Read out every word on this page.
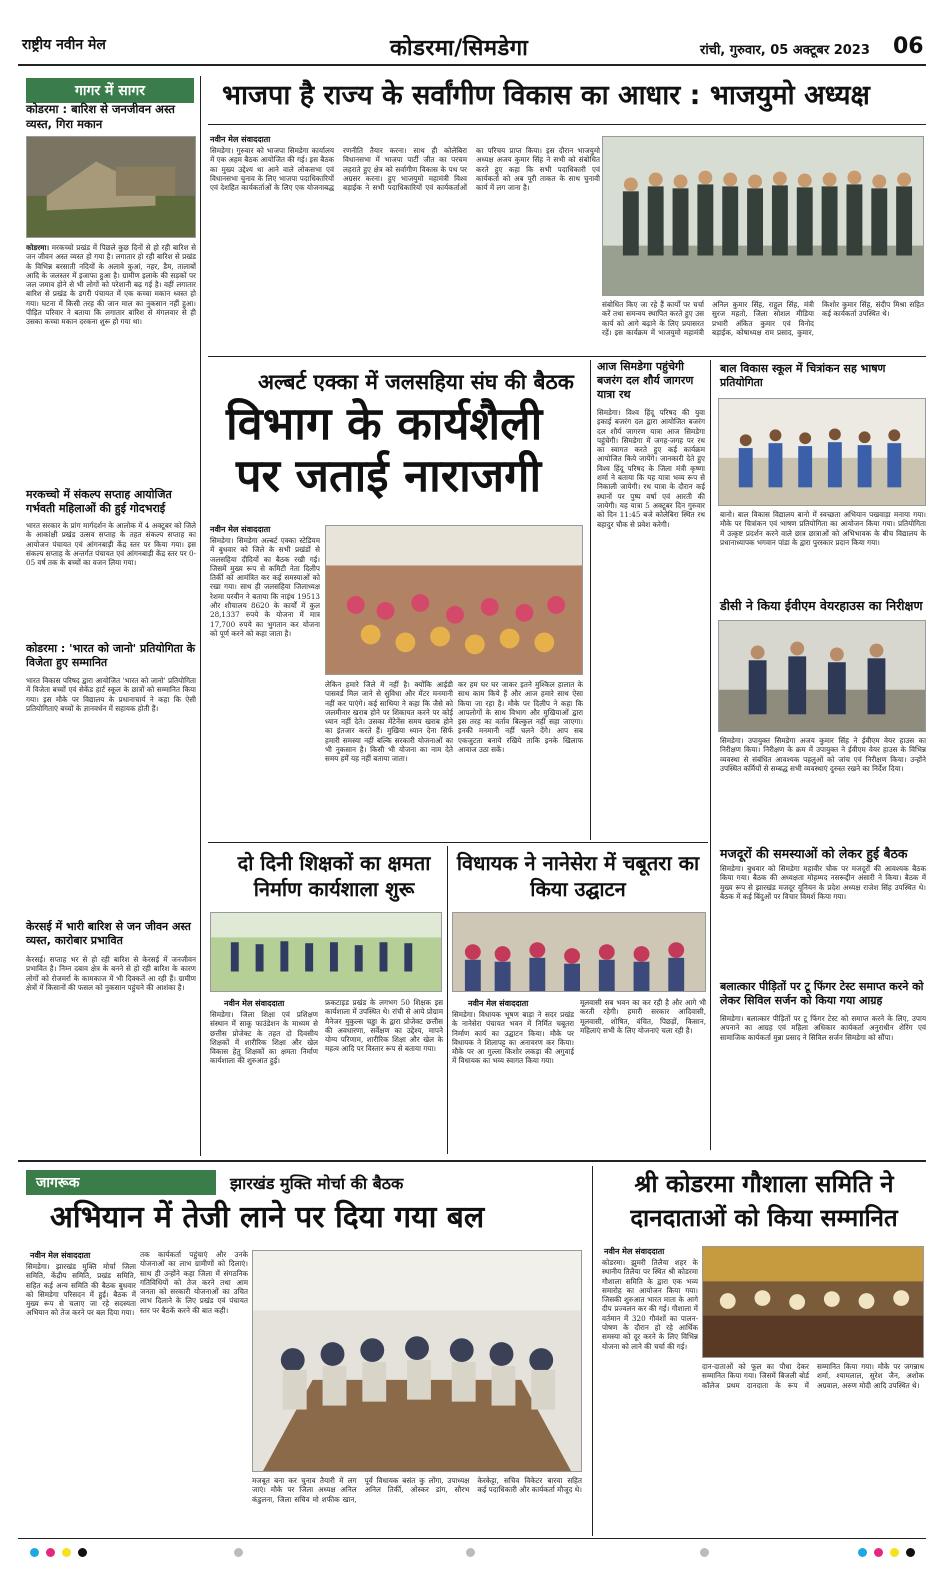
राष्ट्रीय नवीन मेल	कोडरमा/सिमडेगा	रांची, गुरुवार, 05 अक्टूबर 2023 06
गागर में सागर
कोडरमा : बारिश से जनजीवन अस्त व्यस्त, गिरा मकान
कोडरमा। मरकच्चो प्रखंड में पिछले कुछ दिनों से हो रही बारिश से जन जीवन अस्त व्यस्त हो गया है। लगातार हो रही बारिश से प्रखंड के विभिन्न बरसाती नदियों के अलावे कुआं, नहर, डैम, तालाबों आदि के जलस्तर में इजाफा हुआ है। ग्रामीण इलाके की सड़कों पर जल जमाव होने से भी लोगों को परेशानी बढ़ गई है। वहीं लगातार बारिश से प्रखंड के डगरी पंचायत में एक कच्चा मकान ध्वस्त हो गया। घटना में किसी तरह की जान माल का नुकसान नहीं हुआ। पीड़ित परिवार ने बताया कि लगातार बारिश से मंगलवार से ही उसका कच्चा मकान दरकना शुरू हो गया था।
मरकच्चो में संकल्प सप्ताह आयोजित गर्भवती महिलाओं की हुई गोदभराई
भारत सरकार के प्रांग मार्गदर्शन के आलोक में 4 अक्टूबर को जिले के आकांक्षी प्रखंड उत्सव सप्ताह के तहत संकल्प सप्ताह का आयोजन पंचायत एवं आंगनबाड़ी केंद्र स्तर पर किया गया। इस संकल्प सप्ताह के अन्तर्गत पंचायत एवं आंगनबाड़ी केंद्र स्तर पर 0-05 वर्ष तक के बच्चों का वजन लिया गया।
कोडरमा : 'भारत को जानो' प्रतियोगिता के विजेता हुए सम्मानित
भारत विकास परिषद द्वारा आयोजित 'भारत को जानो' प्रतियोगिता में विजेता बच्चों एवं सेकेंड हार्ट स्कूल के छात्रों को सम्मानित किया गया। इस मौके पर विद्यालय के प्रधानाचार्य ने कहा कि ऐसी प्रतियोगिताएं बच्चों के ज्ञानवर्धन में सहायक होती हैं।
केरसई में भारी बारिश से जन जीवन अस्त व्यस्त, कारोबार प्रभावित
केरसई। सप्ताह भर से हो रही बारिश से केरसई में जनजीवन प्रभावित है। निम्न दबाव क्षेत्र के बनने से हो रही बारिश के कारण लोगों को रोजमर्रा के कामकाज में भी दिक्कतें आ रही हैं। ग्रामीण क्षेत्रों में किसानों की फसल को नुकसान पहुंचने की आशंका है।
भाजपा है राज्य के सर्वांगीण विकास का आधार : भाजयुमो अध्यक्ष
नवीन मेल संवाददाता
सिमडेगा। गुरुवार को भाजपा सिमडेगा कार्यालय में एक अहम बैठक आयोजित की गई। इस बैठक का मुख्य उद्देश्य था आने वाले लोकसभा एवं विधानसभा चुनाव के लिए भाजपा पदाधिकारियों एवं देशहित कार्यकर्ताओं के लिए एक योजनाबद्ध रणनीति तैयार करना। साथ ही कोलेबिरा विधानसभा में भाजपा पार्टी जीत का परचम लहराते हुए क्षेत्र को सर्वागीण विकास के पथ पर अग्रसर करना। हुए भाजयुमो महामंत्री विश्व बड़ाईक ने सभी पदाधिकारियों एवं कार्यकर्ताओं का परिचय प्राप्त किया। इस दौरान भाजयुमो अध्यक्ष अजय कुमार सिंह ने सभी को संबोधित करते हुए कहा कि सभी पदाधिकारी एवं कार्यकर्ता को अब पूरी ताकत के साथ चुनावी कार्य में लग जाना है।
संबोधित किए जा रहे हैं कार्यों पर चर्चा करें तथा समन्वय स्थापित करते हुए उस कार्य को आगे बढ़ाने के लिए प्रयासरत रहें। इस कार्यक्रम में भाजयुमो महामंत्री अनिल कुमार सिंह, राहुल सिंह, मंत्री सुरज महतो, जिला सोशल मीडिया प्रभारी अंकित कुमार एवं विनोद बड़ाईक, कोषाध्यक्ष राम प्रसाद, कुमार, किशोर कुमार सिंह, संदीप मिश्रा सहित कई कार्यकर्ता उपस्थित थे।
अल्बर्ट एक्का में जलसहिया संघ की बैठक
विभाग के कार्यशैली
पर जताई नाराजगी
नवीन मेल संवाददाता
सिमडेगा। सिमडेगा अल्बर्ट एक्का स्टेडियम में बुधवार को जिले के सभी प्रखंडों से जलसहिया दीदियों का बैठक रखी गई। जिसमें मुख्य रूप से कमिटी नेता दिलीप तिर्की को आमंत्रित कर कई समस्याओं को रखा गया। साथ ही जलसहिया जिलाध्यक्ष रेशमा परवीन ने बताया कि नाइंथ 19513 और शौचालय 8620 के कार्यों में कुल 28,1337 रुपये के योजना में मात्र 17,700 रुपये का भुगतान कर योजना को पूर्ण करने को कहा जाता है।
लेकिन हमारे जिले में नहीं है। क्योंकि आईडी पासवर्ड मिल जाने से सुविधा और मेंटर मनमानी नहीं कर पाएंगे। कई साथिया ने कहा कि जैसे को जलमीनार खराब होने पर शिकायत करने पर कोई ध्यान नहीं देते। उसका मेंटेनेंस समय खराब होने का इंतजार करते हैं। मुखिया ध्यान देना सिर्फ हमारी समस्या नहीं बल्कि सरकारी योजनाओं का भी नुकसान है। किसी भी योजना का नाम देते समय हमें यह नहीं बताया जाता।
कर हम घर घर जाकर इतने मुश्किल हालात के साथ काम किये हैं और आज हमारे साथ ऐसा किया जा रहा है। मौके पर दिलीप ने कहा कि आपलोगों के साथ विभाग और मुखियाओं द्वारा इस तरह का वर्ताव बिल्कुल नहीं सहा जाएगा। इनकी मनमानी नहीं चलने देंगे। आप सब एकजुटता बनाये रखिये ताकि इनके खिलाफ आवाज उठा सकें।
आज सिमडेगा पहुंचेगी बजरंग दल शौर्य जागरण यात्रा रथ
सिमडेगा। विश्व हिंदू परिषद की युवा इकाई बजरंग दल द्वारा आयोजित बजरंग दल शौर्य जागरण यात्रा आज सिमडेगा पहुंचेगी। सिमडेगा में जगह-जगह पर रथ का स्वागत करते हुए कई कार्यक्रम आयोजित किये जायेंगे। जानकारी देते हुए विश्व हिंदू परिषद के जिला मंत्री कृष्णा शर्मा ने बताया कि यह यात्रा भव्य रूप से निकाली जायेगी। रथ यात्रा के दौरान कई स्थानों पर पुष्प वर्षा एवं आरती की जायेगी। यह यात्रा 5 अक्टूबर दिन गुरुवार को दिन 11:45 बजे कोलेबिरा स्थित रथ बहादुर चौक से प्रवेश करेगी।
बाल विकास स्कूल में चित्रांकन सह भाषण प्रतियोगिता
बानो। बाल विकास विद्यालय बानो में स्वच्छता अभियान पखवाड़ा मनाया गया। मौके पर चित्रांकन एवं भाषण प्रतियोगिता का आयोजन किया गया। प्रतियोगिता में उत्कृष्ट प्रदर्शन करने वाले छात्र छात्राओं को अभिभावक के बीच विद्यालय के प्रधानाध्यापक भगवान पांडा के द्वारा पुरस्कार प्रदान किया गया।
डीसी ने किया ईवीएम वेयरहाउस का निरीक्षण
सिमडेगा। उपायुक्त सिमडेगा अजय कुमार सिंह ने ईवीएम वेयर हाउस का निरीक्षण किया। निरीक्षण के क्रम में उपायुक्त ने ईवीएम वेयर हाउस के विभिन्न व्यवस्था से संबंधित आवश्यक पहलुओं को जांच एवं निरीक्षण किया। उन्होंने उपस्थित कर्मियों से सम्बद्ध सभी व्यवस्थाएं दुरुस्त रखने का निर्देश दिया।
मजदूरों की समस्याओं को लेकर हुई बैठक
सिमडेगा। बुधवार को सिमडेगा महावीर चौक पर मजदूरों की आवश्यक बैठक किया गया। बैठक की अध्यक्षता मोहम्मद नसरूद्दीन अंसारी ने किया। बैठक में मुख्य रूप से झारखंड मजदूर यूनियन के प्रदेश अध्यक्ष राजेश सिंह उपस्थित थे। बैठक में कई बिंदुओं पर विचार विमर्श किया गया।
बलात्कार पीड़ितों पर टू फिंगर टेस्ट समाप्त करने को लेकर सिविल सर्जन को किया गया आग्रह
सिमडेगा। बलात्कार पीड़ितों पर टू फिंगर टेस्ट को समाप्त करने के लिए, उपाय अपनाने का आग्रह एवं महिला अधिकार कार्यकर्ता अनुराधीन शेरिंग एवं सामाजिक कार्यकर्ता मुन्ना प्रसाद ने सिविल सर्जन सिमडेगा को सौंपा।
दो दिनी शिक्षकों का क्षमता निर्माण कार्यशाला शुरू
नवीन मेल संवाददाता
सिमडेगा। जिला शिक्षा एवं प्रशिक्षण संस्थान में साकू फाउंडेशन के माध्यम से छत्तीस प्रोजेक्ट के तहत दो दिवसीय शिक्षकों में शारीरिक शिक्षा और खेल विकास हेतु शिक्षकों का क्षमता निर्माण कार्यशाला की शुरुआत हुई।
फ्रकटाइड प्रखंड के लगभग 50 शिक्षक इस कार्यशाला में उपस्थित थे। रांची से आये प्रोग्राम मैनेजर मुकुल्स चड्ढा के द्वारा प्रोजेक्ट छत्तीस की अवधारणा, सर्वेक्षण का उद्देश्य, मापने योग्य परिणाम, शारीरिक शिक्षा और खेल के महत्व आदि पर विस्तार रूप से बताया गया।
विधायक ने नानेसेरा में चबूतरा का किया उद्घाटन
नवीन मेल संवाददाता
सिमडेगा। विधायक भूषण बाड़ा ने सदर प्रखंड के नानेसेरा पंचायत भवन में निर्मित चबूतरा निर्माण कार्य का उद्घाटन किया। मौके पर विधायक ने शिलापट्ट का अनावरण कर किया। मौके पर आ गुल्ला किशोर लकड़ा की अगुवाई में विधायक का भव्य स्वागत किया गया।
मूलवासी सब भवन का कर रही है और आगे भी करती रहेगी। हमारी सरकार आदिवासी, मूलवासी, शोषित, वंचित, पिछड़ों, किसान, महिलाएं सभी के लिए योजनाएं चला रही है।
जागरूक	झारखंड मुक्ति मोर्चा की बैठक
अभियान में तेजी लाने पर दिया गया बल
नवीन मेल संवाददाता
सिमडेगा। झारखंड मुक्ति मोर्चा जिला समिति, केंद्रीय समिति, प्रखंड समिति, सहित कई अन्य समिति की बैठक बुधवार को सिमडेगा परिसदन में हुई। बैठक में मुख्य रूप से चलाए जा रहे सदस्यता अभियान को तेज करने पर बल दिया गया।
तक कार्यकर्ता पहुंचाएं और उनके योजनाओं का लाभ ग्रामीणों को दिलाएं। साथ ही उन्होंने कहा जिला में संगठनिक गतिविधियों को तेज करने तथा आम जनता को सरकारी योजनाओं का उचित लाभ दिलाने के लिए प्रखंड एवं पंचायत स्तर पर बैठकें करने की बात कही।
मजबूत बना कर चुनाव तैयारी में लग जाएं। मौके पर जिला अध्यक्ष अनिल कंडुलना, जिला सचिव मो शफीक खान, पूर्व विधायक बसंत कु लोंगा, उपाध्यक्ष अनिल तिर्की, ओस्कर डांग, सौरभ केरकेट्टा, सचिव विकेटर बारवा सहित कई पदाधिकारी और कार्यकर्ता मौजूद थे।
श्री कोडरमा गौशाला समिति ने
दानदाताओं को किया सम्मानित
नवीन मेल संवाददाता
कोडरमा। झुमरी तिलैया शहर के स्थानीय तिलैया पर स्थित श्री कोडरमा गौशाला समिति के द्वारा एक भव्य समारोह का आयोजन किया गया। जिसकी शुरुआत भारत माता के आगे दीप प्रज्वलन कर की गई। गौशाला में वर्तमान में 320 गौवंशों का पालन-पोषण के दौरान हो रहे आर्थिक समस्या को दूर करने के लिए विभिन्न योजना को लाने की चर्चा की गई।
दान-दाताओं को फूल का पौधा देकर सम्मानित किया गया। जिसमें बिजली बोर्ड कॉलेज प्रथम दानदाता के रूप में सम्मानित किया गया। मौके पर जगन्नाथ शर्मा, श्यामलाल, सुरेश जैन, अशोक अग्रवाल, अरुण मोदी आदि उपस्थित थे।
